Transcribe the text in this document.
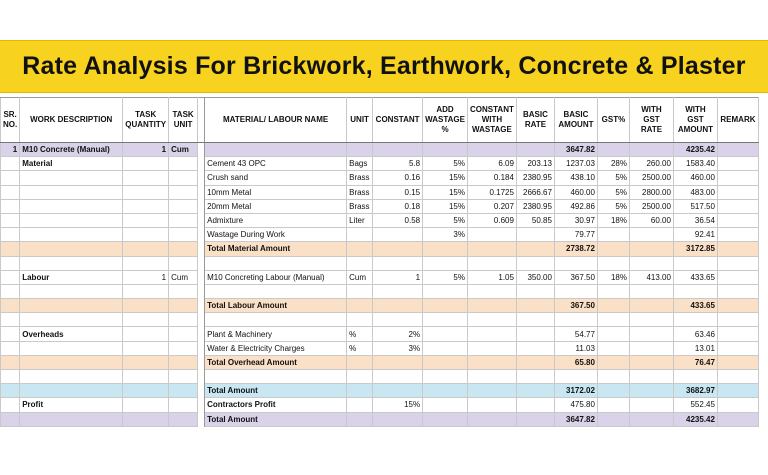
Rate Analysis For Brickwork, Earthwork, Concrete & Plaster
SR. NO.	WORK DESCRIPTION	TASK QUANTITY	TASK UNIT		MATERIAL/ LABOUR NAME	UNIT	CONSTANT	ADD WASTAGE %	CONSTANT WITH WASTAGE	BASIC RATE	BASIC AMOUNT	GST%	WITH GST RATE	WITH GST AMOUNT	REMARK
1	M10 Concrete (Manual)	1	Cum								3647.82			4235.42	
	Material				Cement 43 OPC	Bags	5.8	5%	6.09	203.13	1237.03	28%	260.00	1583.40	
					Crush sand	Brass	0.16	15%	0.184	2380.95	438.10	5%	2500.00	460.00	
					10mm Metal	Brass	0.15	15%	0.1725	2666.67	460.00	5%	2800.00	483.00	
					20mm Metal	Brass	0.18	15%	0.207	2380.95	492.86	5%	2500.00	517.50	
					Admixture	Liter	0.58	5%	0.609	50.85	30.97	18%	60.00	36.54	
					Wastage During Work			3%			79.77			92.41	
					Total Material Amount						2738.72			3172.85	

	Labour	1	Cum		M10 Concreting Labour (Manual)	Cum	1	5%	1.05	350.00	367.50	18%	413.00	433.65	

					Total Labour Amount						367.50			433.65	

	Overheads				Plant & Machinery	%	2%				54.77			63.46	
					Water & Electricity Charges	%	3%				11.03			13.01	
					Total Overhead Amount						65.80			76.47	

					Total Amount						3172.02			3682.97	
	Profit				Contractors Profit		15%				475.80			552.45	
					Total Amount						3647.82			4235.42	
